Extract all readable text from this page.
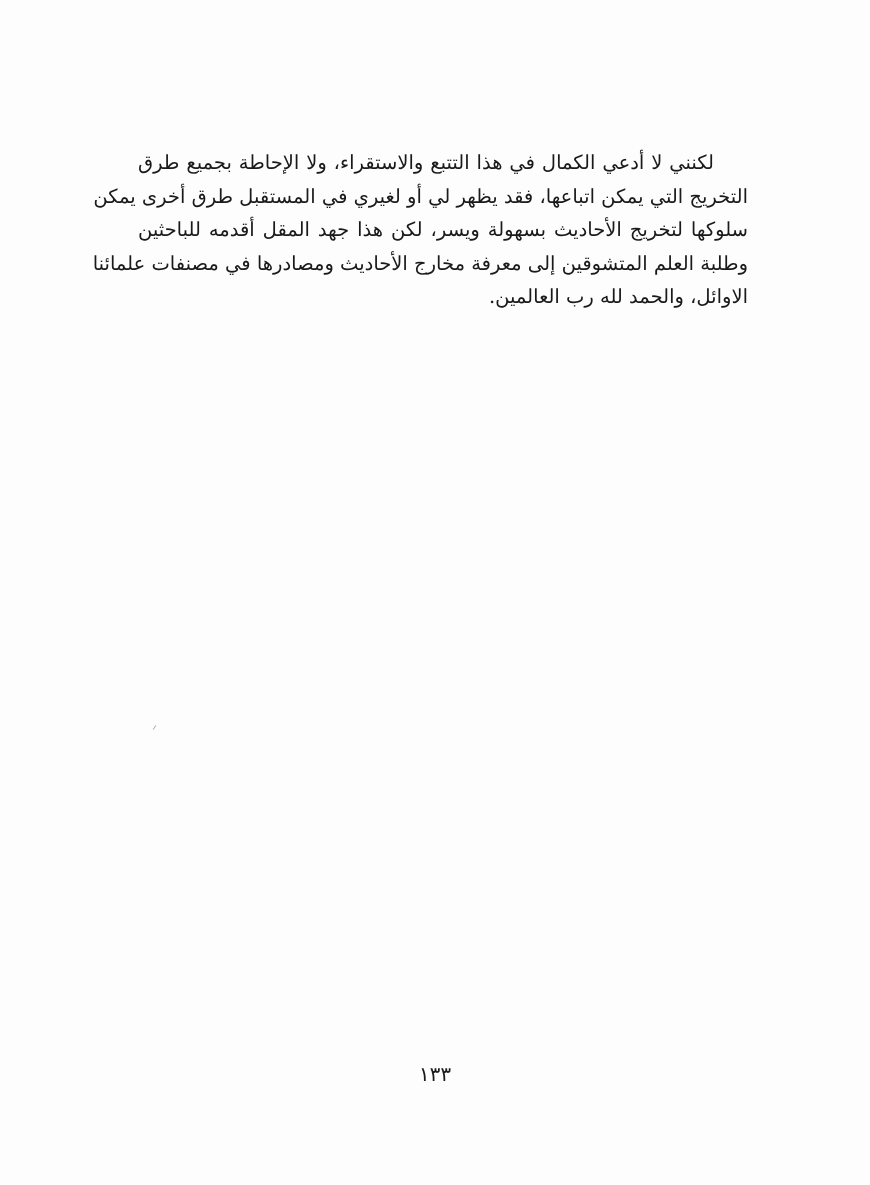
لكنني لا أدعي الكمال في هذا التتبع والاستقراء، ولا الإحاطة بجميع طرق
التخريج التي يمكن اتباعها، فقد يظهر لي أو لغيري في المستقبل طرق أخرى يمكن
سلوكها لتخريج الأحاديث بسهولة ويسر، لكن هذا جهد المقل أقدمه للباحثين
وطلبة العلم المتشوقين إلى معرفة مخارج الأحاديث ومصادرها في مصنفات علمائنا
الاوائل، والحمد لله رب العالمين.
١٣٣
